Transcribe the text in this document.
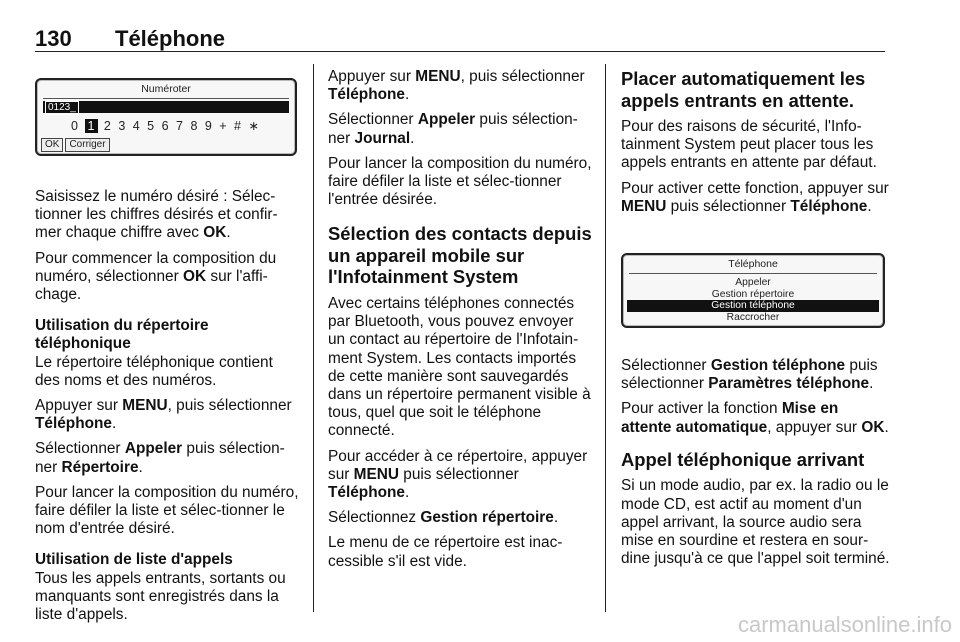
130 Téléphone
Numéroter
0123_
0 1 2 3 4 5 6 7 8 9 + # ∗
OK	Corriger

Saisissez le numéro désiré : Sélec-tionner les chiffres désirés et confir-mer chaque chiffre avec OK.

Pour commencer la composition du numéro, sélectionner OK sur l'affi-chage.

Utilisation du répertoire téléphonique

Le répertoire téléphonique contient des noms et des numéros.

Appuyer sur MENU, puis sélectionner Téléphone.

Sélectionner Appeler puis sélection-ner Répertoire.

Pour lancer la composition du numéro, faire défiler la liste et sélec-tionner le nom d'entrée désiré.

Utilisation de liste d'appels

Tous les appels entrants, sortants ou manquants sont enregistrés dans la liste d'appels.

Appuyer sur MENU, puis sélectionner Téléphone.

Sélectionner Appeler puis sélection-ner Journal.

Pour lancer la composition du numéro, faire défiler la liste et sélec-tionner l'entrée désirée.

Sélection des contacts depuis un appareil mobile sur l'Infotainment System

Avec certains téléphones connectés par Bluetooth, vous pouvez envoyer un contact au répertoire de l'Infotain-ment System. Les contacts importés de cette manière sont sauvegardés dans un répertoire permanent visible à tous, quel que soit le téléphone connecté.

Pour accéder à ce répertoire, appuyer sur MENU puis sélectionner Téléphone.

Sélectionnez Gestion répertoire.

Le menu de ce répertoire est inac-cessible s'il est vide.

Placer automatiquement les appels entrants en attente.

Pour des raisons de sécurité, l'Info-tainment System peut placer tous les appels entrants en attente par défaut.

Pour activer cette fonction, appuyer sur MENU puis sélectionner Téléphone.

Téléphone
Appeler
Gestion répertoire
Gestion téléphone
Raccrocher

Sélectionner Gestion téléphone puis sélectionner Paramètres téléphone.

Pour activer la fonction Mise en attente automatique, appuyer sur OK.

Appel téléphonique arrivant

Si un mode audio, par ex. la radio ou le mode CD, est actif au moment d'un appel arrivant, la source audio sera mise en sourdine et restera en sour-dine jusqu'à ce que l'appel soit terminé.

carmanualsonline.info
